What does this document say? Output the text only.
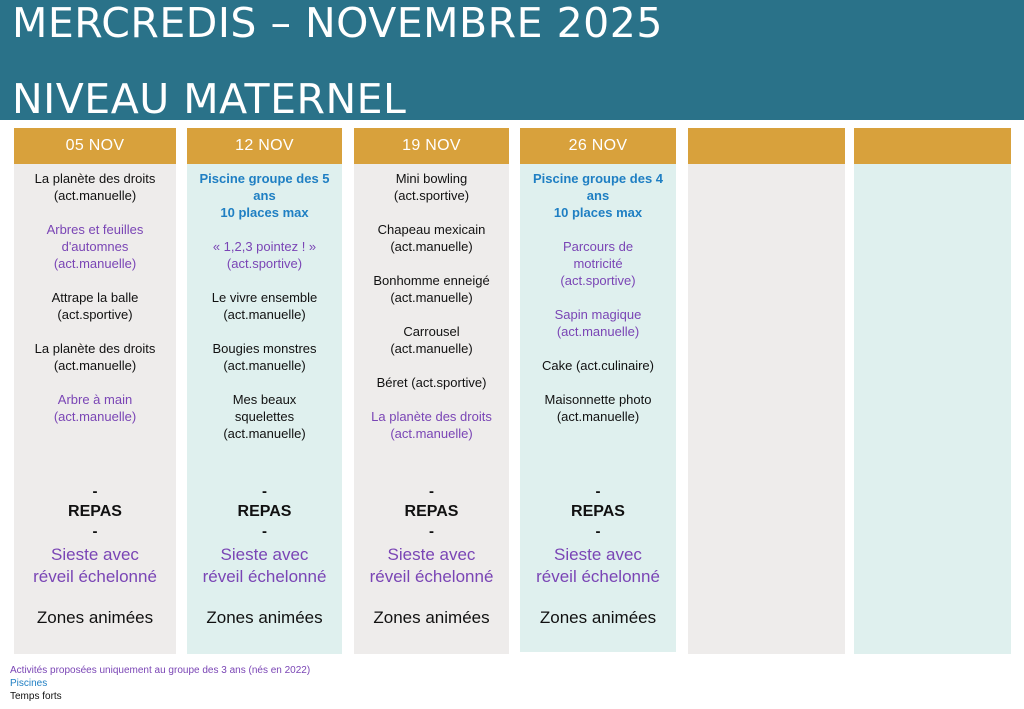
MERCREDIS – NOVEMBRE 2025
NIVEAU MATERNEL
05 NOV
La planète des droits
(act.manuelle)
Arbres et feuilles
d'automnes
(act.manuelle)
Attrape la balle
(act.sportive)
La planète des droits
(act.manuelle)
Arbre à main
(act.manuelle)
-
REPAS
-
Sieste avec
réveil échelonné
Zones animées
12 NOV
Piscine groupe des 5
ans
10 places max
« 1,2,3 pointez ! »
(act.sportive)
Le vivre ensemble
(act.manuelle)
Bougies monstres
(act.manuelle)
Mes beaux
squelettes
(act.manuelle)
-
REPAS
-
Sieste avec
réveil échelonné
Zones animées
19 NOV
Mini bowling
(act.sportive)
Chapeau mexicain
(act.manuelle)
Bonhomme enneigé
(act.manuelle)
Carrousel
(act.manuelle)
Béret (act.sportive)
La planète des droits
(act.manuelle)
-
REPAS
-
Sieste avec
réveil échelonné
Zones animées
26 NOV
Piscine groupe des 4
ans
10 places max
Parcours de
motricité
(act.sportive)
Sapin magique
(act.manuelle)
Cake (act.culinaire)
Maisonnette photo
(act.manuelle)
-
REPAS
-
Sieste avec
réveil échelonné
Zones animées
Activités proposées uniquement au groupe des 3 ans (nés en 2022)
Piscines
Temps forts
